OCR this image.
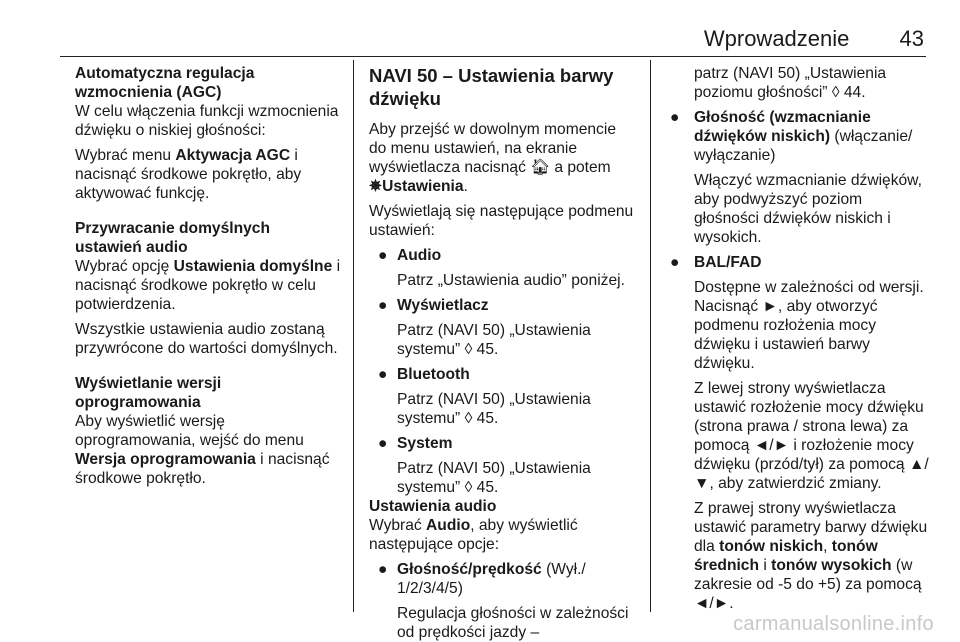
Wprowadzenie 43

Automatyczna regulacja wzmocnienia (AGC)

W celu włączenia funkcji wzmocnienia dźwięku o niskiej głośności:

Wybrać menu Aktywacja AGC i nacisnąć środkowe pokrętło, aby aktywować funkcję.

Przywracanie domyślnych ustawień audio

Wybrać opcję Ustawienia domyślne i nacisnąć środkowe pokrętło w celu potwierdzenia.

Wszystkie ustawienia audio zostaną przywrócone do wartości domyślnych.

Wyświetlanie wersji oprogramowania

Aby wyświetlić wersję oprogramowania, wejść do menu Wersja oprogramowania i nacisnąć środkowe pokrętło.

NAVI 50 – Ustawienia barwy dźwięku

Aby przejść w dowolnym momencie do menu ustawień, na ekranie wyświetlacza nacisnąć 🏠︎ a potem ✵Ustawienia.

Wyświetlają się następujące podmenu ustawień:

● Audio

Patrz „Ustawienia audio” poniżej.

● Wyświetlacz

Patrz (NAVI 50) „Ustawienia systemu” ◊ 45.

● Bluetooth

Patrz (NAVI 50) „Ustawienia systemu” ◊ 45.

● System

Patrz (NAVI 50) „Ustawienia systemu” ◊ 45.

Ustawienia audio

Wybrać Audio, aby wyświetlić następujące opcje:

● Głośność/prędkość (Wył./ 1/2/3/4/5)

Regulacja głośności w zależności od prędkości jazdy –

patrz (NAVI 50) „Ustawienia poziomu głośności” ◊ 44.

● Głośność (wzmacnianie dźwięków niskich) (włączanie/ wyłączanie)

Włączyć wzmacnianie dźwięków, aby podwyższyć poziom głośności dźwięków niskich i wysokich.

● BAL/FAD

Dostępne w zależności od wersji. Nacisnąć ►, aby otworzyć podmenu rozłożenia mocy dźwięku i ustawień barwy dźwięku.

Z lewej strony wyświetlacza ustawić rozłożenie mocy dźwięku (strona prawa / strona lewa) za pomocą ◄/► i rozłożenie mocy dźwięku (przód/tył) za pomocą ▲/▼, aby zatwierdzić zmiany.

Z prawej strony wyświetlacza ustawić parametry barwy dźwięku dla tonów niskich, tonów średnich i tonów wysokich (w zakresie od -5 do +5) za pomocą ◄/►.

carmanualsonline.info
